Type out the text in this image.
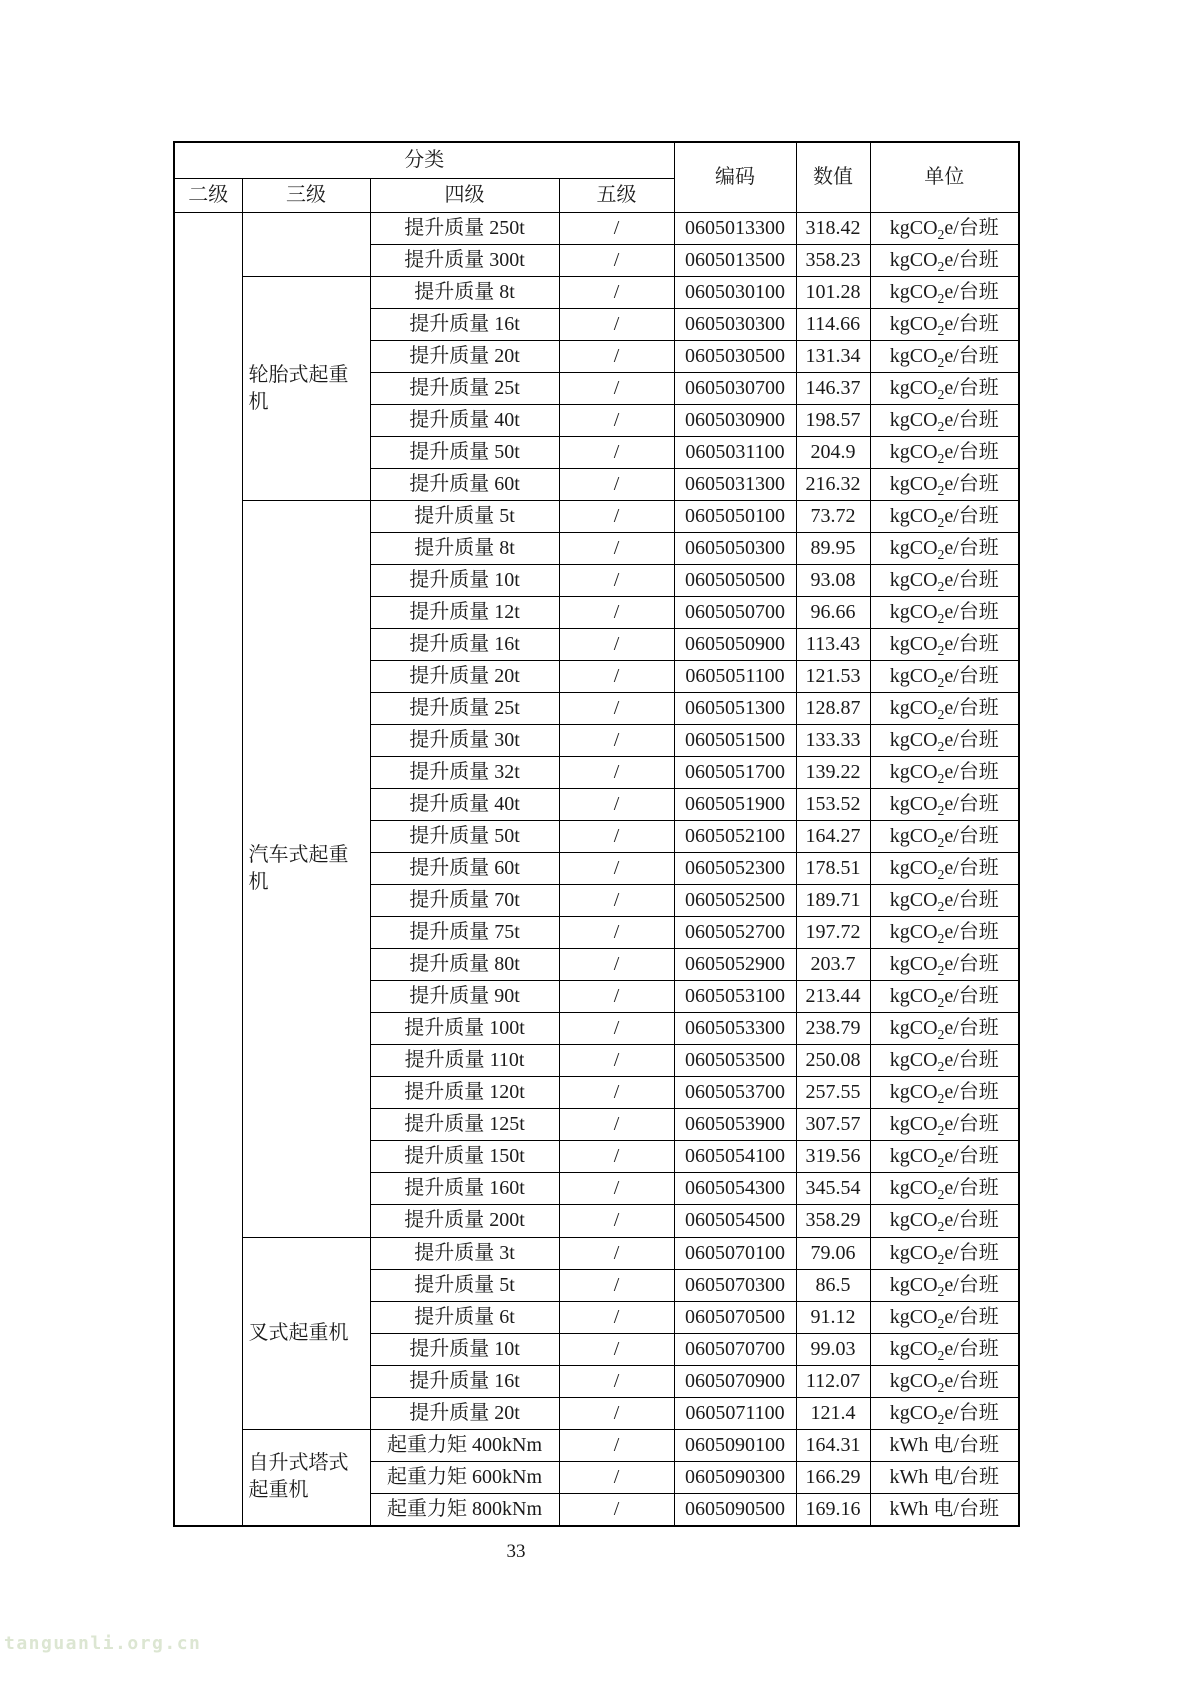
分类				编码	数值	单位
二级	三级	四级	五级			
		提升质量 250t	/	0605013300	318.42	kgCO$_2$e/台班
		提升质量 300t	/	0605013500	358.23	kgCO$_2$e/台班
	轮胎式起重机	提升质量 8t	/	0605030100	101.28	kgCO$_2$e/台班
		提升质量 16t	/	0605030300	114.66	kgCO$_2$e/台班
		提升质量 20t	/	0605030500	131.34	kgCO$_2$e/台班
		提升质量 25t	/	0605030700	146.37	kgCO$_2$e/台班
		提升质量 40t	/	0605030900	198.57	kgCO$_2$e/台班
		提升质量 50t	/	0605031100	204.9	kgCO$_2$e/台班
		提升质量 60t	/	0605031300	216.32	kgCO$_2$e/台班
	汽车式起重机	提升质量 5t	/	0605050100	73.72	kgCO$_2$e/台班
		提升质量 8t	/	0605050300	89.95	kgCO$_2$e/台班
		提升质量 10t	/	0605050500	93.08	kgCO$_2$e/台班
		提升质量 12t	/	0605050700	96.66	kgCO$_2$e/台班
		提升质量 16t	/	0605050900	113.43	kgCO$_2$e/台班
		提升质量 20t	/	0605051100	121.53	kgCO$_2$e/台班
		提升质量 25t	/	0605051300	128.87	kgCO$_2$e/台班
		提升质量 30t	/	0605051500	133.33	kgCO$_2$e/台班
		提升质量 32t	/	0605051700	139.22	kgCO$_2$e/台班
		提升质量 40t	/	0605051900	153.52	kgCO$_2$e/台班
		提升质量 50t	/	0605052100	164.27	kgCO$_2$e/台班
		提升质量 60t	/	0605052300	178.51	kgCO$_2$e/台班
		提升质量 70t	/	0605052500	189.71	kgCO$_2$e/台班
		提升质量 75t	/	0605052700	197.72	kgCO$_2$e/台班
		提升质量 80t	/	0605052900	203.7	kgCO$_2$e/台班
		提升质量 90t	/	0605053100	213.44	kgCO$_2$e/台班
		提升质量 100t	/	0605053300	238.79	kgCO$_2$e/台班
		提升质量 110t	/	0605053500	250.08	kgCO$_2$e/台班
		提升质量 120t	/	0605053700	257.55	kgCO$_2$e/台班
		提升质量 125t	/	0605053900	307.57	kgCO$_2$e/台班
		提升质量 150t	/	0605054100	319.56	kgCO$_2$e/台班
		提升质量 160t	/	0605054300	345.54	kgCO$_2$e/台班
		提升质量 200t	/	0605054500	358.29	kgCO$_2$e/台班
	叉式起重机	提升质量 3t	/	0605070100	79.06	kgCO$_2$e/台班
		提升质量 5t	/	0605070300	86.5	kgCO$_2$e/台班
		提升质量 6t	/	0605070500	91.12	kgCO$_2$e/台班
		提升质量 10t	/	0605070700	99.03	kgCO$_2$e/台班
		提升质量 16t	/	0605070900	112.07	kgCO$_2$e/台班
		提升质量 20t	/	0605071100	121.4	kgCO$_2$e/台班
	自升式塔式起重机	起重力矩 400kNm	/	0605090100	164.31	kWh 电/台班
		起重力矩 600kNm	/	0605090300	166.29	kWh 电/台班
		起重力矩 800kNm	/	0605090500	169.16	kWh 电/台班
33
tanguanli.org.cn
